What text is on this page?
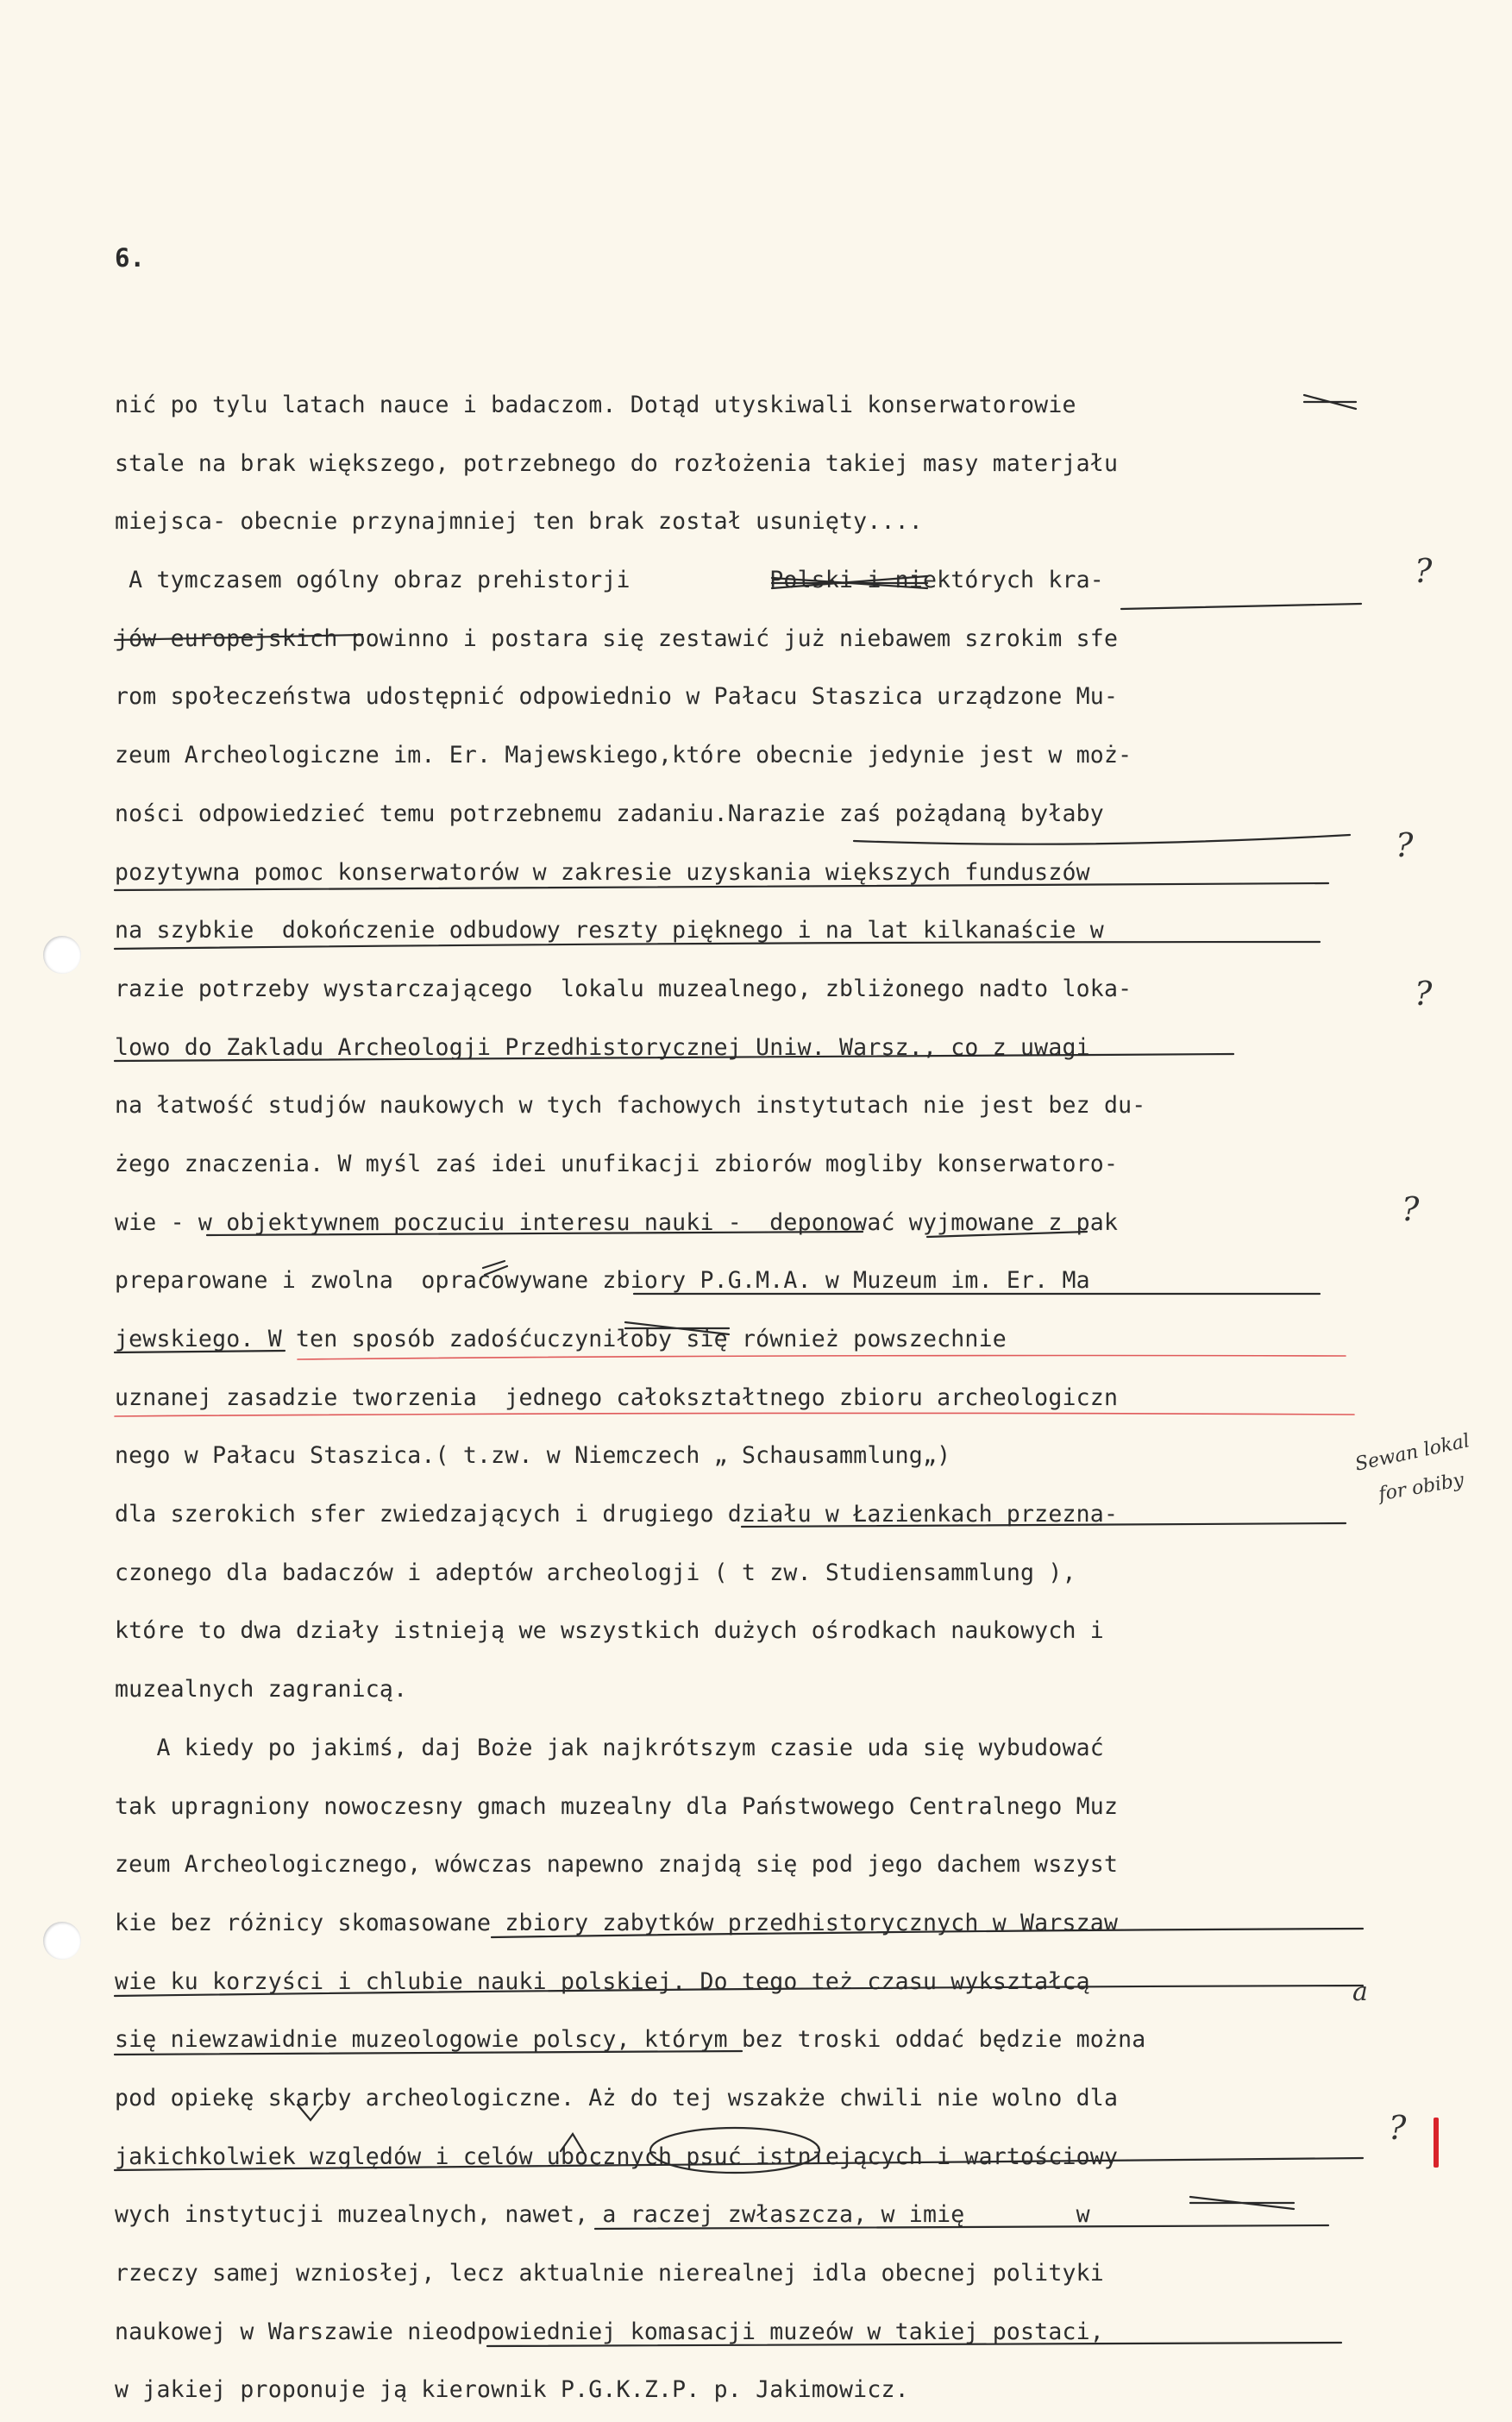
6.
nić po tylu latach nauce i badaczom. Dotąd utyskiwali konserwatorowie
stale na brak większego, potrzebnego do rozłożenia takiej masy materjału
miejsca- obecnie przynajmniej ten brak został usunięty....
A tymczasem ogólny obraz prehistorji          Polski i niektórych kra-
jów europejskich powinno i postara się zestawić już niebawem szrokim sfe
rom społeczeństwa udostępnić odpowiednio w Pałacu Staszica urządzone Mu-
zeum Archeologiczne im. Er. Majewskiego,które obecnie jedynie jest w moż-
ności odpowiedzieć temu potrzebnemu zadaniu.Narazie zaś pożądaną byłaby
pozytywna pomoc konserwatorów w zakresie uzyskania większych funduszów
na szybkie  dokończenie odbudowy reszty pięknego i na lat kilkanaście w
razie potrzeby wystarczającego  lokalu muzealnego, zbliżonego nadto loka-
lowo do Zakladu Archeologji Przedhistorycznej Uniw. Warsz., co z uwagi
na łatwość studjów naukowych w tych fachowych instytutach nie jest bez du-
żego znaczenia. W myśl zaś idei unufikacji zbiorów mogliby konserwatoro-
wie - w objektywnem poczuciu interesu nauki -  deponować wyjmowane z pak
preparowane i zwolna  opracowywane zbiory P.G.M.A. w Muzeum im. Er. Ma
jewskiego. W ten sposób zadośćuczyniłoby się również powszechnie
uznanej zasadzie tworzenia  jednego całokształtnego zbioru archeologiczn
nego w Pałacu Staszica.( t.zw. w Niemczech „ Schausammlung„)
dla szerokich sfer zwiedzających i drugiego działu w Łazienkach przezna-
czonego dla badaczów i adeptów archeologji ( t zw. Studiensammlung ),
które to dwa działy istnieją we wszystkich dużych ośrodkach naukowych i
muzealnych zagranicą.
A kiedy po jakimś, daj Boże jak najkrótszym czasie uda się wybudować
tak upragniony nowoczesny gmach muzealny dla Państwowego Centralnego Muz
zeum Archeologicznego, wówczas napewno znajdą się pod jego dachem wszyst
kie bez różnicy skomasowane zbiory zabytków przedhistorycznych w Warszaw
wie ku korzyści i chlubie nauki polskiej. Do tego też czasu wykształcą
się niewzawidnie muzeologowie polscy, którym bez troski oddać będzie można
pod opiekę skarby archeologiczne. Aż do tej wszakże chwili nie wolno dla
jakichkolwiek względów i celów ubocznych psuć istniejących i wartościowy
wych instytucji muzealnych, nawet, a raczej zwłaszcza, w imię        w
rzeczy samej wzniosłej, lecz aktualnie nierealnej idla obecnej polityki
naukowej w Warszawie nieodpowiedniej komasacji muzeów w takiej postaci,
w jakiej proponuje ją kierownik P.G.K.Z.P. p. Jakimowicz.
?
?
?
?
?
Sewan lokal
for obiby
a
